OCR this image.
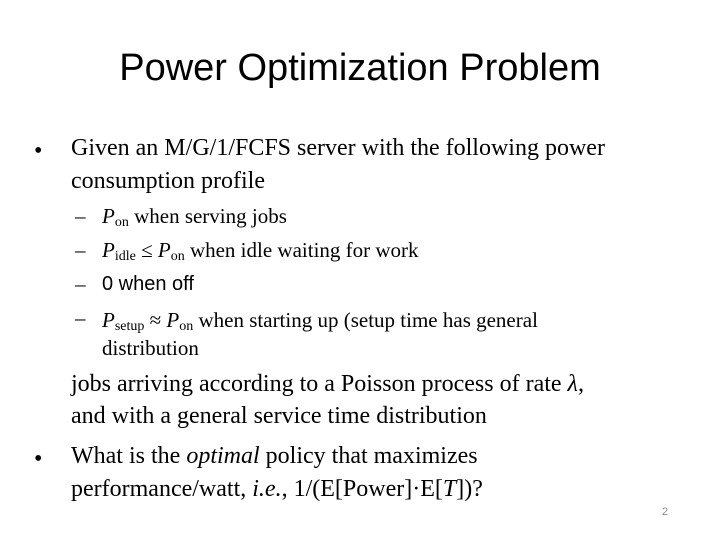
Power Optimization Problem
• Given an M/G/1/FCFS server with the following power
consumption profile
– Pon when serving jobs
– Pidle ≤ Pon when idle waiting for work
– 0 when off
– Psetup ≈ Pon when starting up (setup time has general
distribution
jobs arriving according to a Poisson process of rate λ,
and with a general service time distribution
• What is the optimal policy that maximizes
performance/watt, i.e., 1/(E[Power]·E[T])?
2
